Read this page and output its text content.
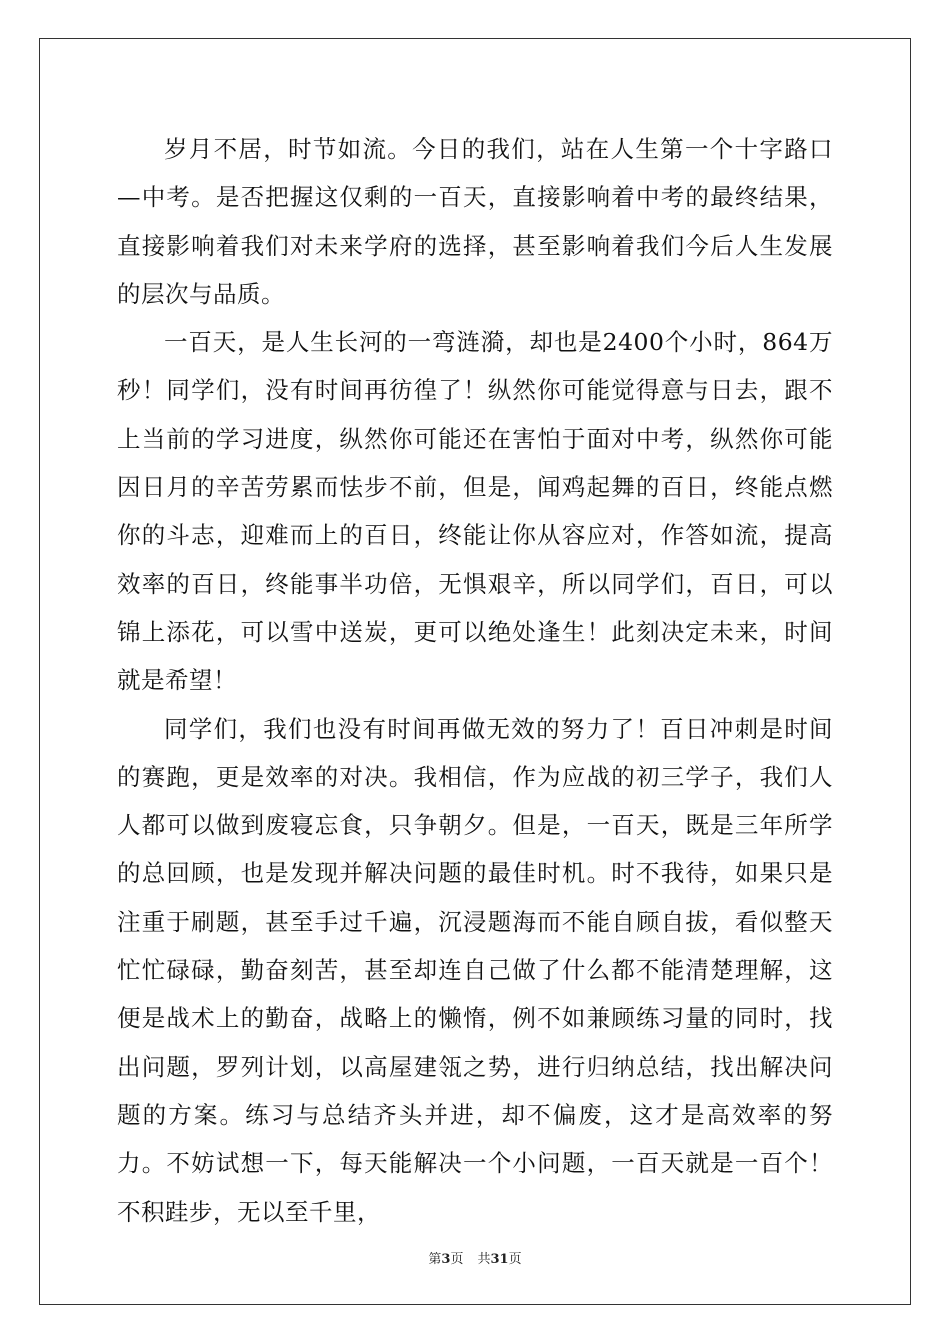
岁月不居，时节如流。今日的我们，站在人生第一个十字路口—中考。是否把握这仅剩的一百天，直接影响着中考的最终结果，直接影响着我们对未来学府的选择，甚至影响着我们今后人生发展的层次与品质。

一百天，是人生长河的一弯涟漪，却也是2400个小时，864万秒！同学们，没有时间再彷徨了！纵然你可能觉得意与日去，跟不上当前的学习进度，纵然你可能还在害怕于面对中考，纵然你可能因日月的辛苦劳累而怯步不前，但是，闻鸡起舞的百日，终能点燃你的斗志，迎难而上的百日，终能让你从容应对，作答如流，提高效率的百日，终能事半功倍，无惧艰辛，所以同学们，百日，可以锦上添花，可以雪中送炭，更可以绝处逢生！此刻决定未来，时间就是希望！

同学们，我们也没有时间再做无效的努力了！百日冲刺是时间的赛跑，更是效率的对决。我相信，作为应战的初三学子，我们人人都可以做到废寝忘食，只争朝夕。但是，一百天，既是三年所学的总回顾，也是发现并解决问题的最佳时机。时不我待，如果只是注重于刷题，甚至手过千遍，沉浸题海而不能自顾自拔，看似整天忙忙碌碌，勤奋刻苦，甚至却连自己做了什么都不能清楚理解，这便是战术上的勤奋，战略上的懒惰，例不如兼顾练习量的同时，找出问题，罗列计划，以高屋建瓴之势，进行归纳总结，找出解决问题的方案。练习与总结齐头并进，却不偏废，这才是高效率的努力。不妨试想一下，每天能解决一个小问题，一百天就是一百个！不积跬步，无以至千里，

第3页 共31页
